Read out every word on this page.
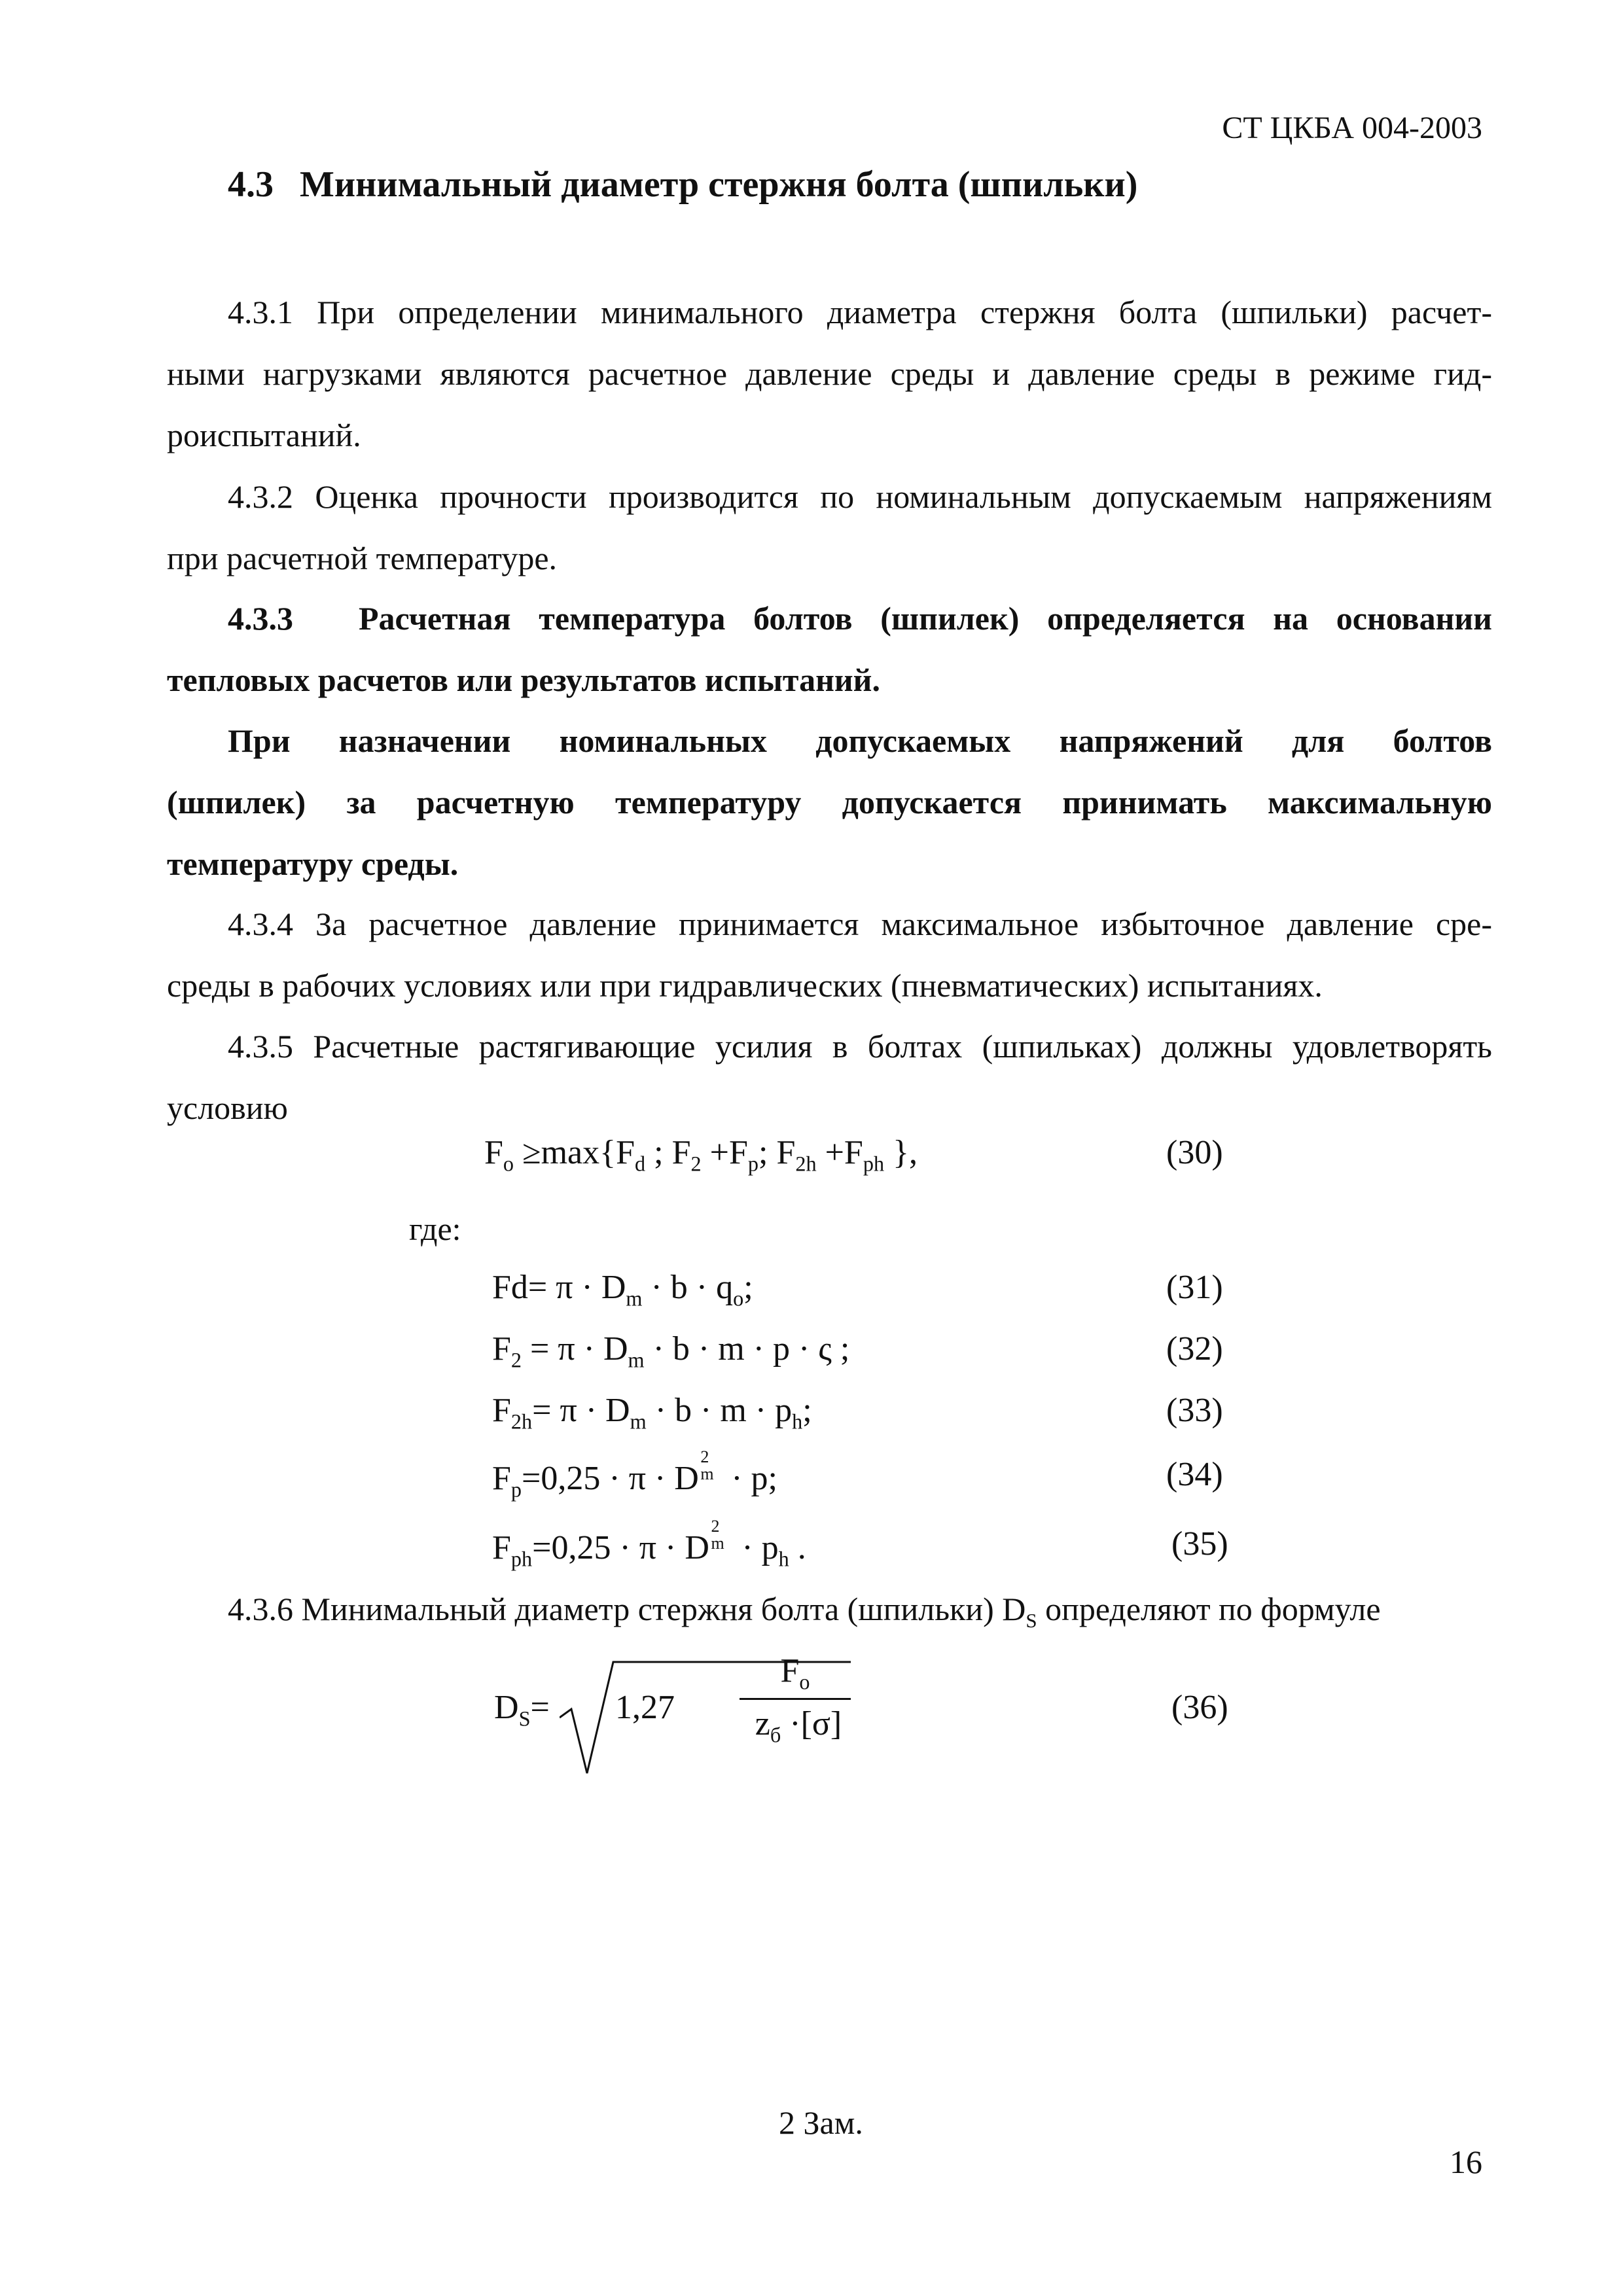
СТ ЦКБА 004-2003
4.3 Минимальный диаметр стержня болта (шпильки)
4.3.1 При определении минимального диаметра стержня болта (шпильки) расчет-
ными нагрузками являются расчетное давление среды и давление среды в режиме гид-
роиспытаний.
4.3.2 Оценка прочности производится по номинальным допускаемым напряжениям
при расчетной температуре.
4.3.3 Расчетная температура болтов (шпилек) определяется на основании
тепловых расчетов или результатов испытаний.
При назначении номинальных допускаемых напряжений для болтов
(шпилек) за расчетную температуру допускается принимать максимальную
температуру среды.
4.3.4 За расчетное давление принимается максимальное избыточное давление сре-
среды в рабочих условиях или при гидравлических (пневматических) испытаниях.
4.3.5 Расчетные растягивающие усилия в болтах (шпильках) должны удовлетворять
условию
$F_o \ge\max\{F_d$ ; $F_2 +F_p$; $F_{2h} +F_{ph}$ },	(30)
где:
$Fd= \pi \cdot D_m \cdot b \cdot q_o$;	(31)
$F_2 = \pi \cdot D_m \cdot b \cdot m \cdot p \cdot \varsigma$ ;	(32)
$F_{2h}= \pi \cdot D_m \cdot b \cdot m \cdot p_h$;	(33)
$F_p=0,25 \cdot \pi \cdot D$
2
m · p;	(34)
$F_{ph}=0,25 \cdot \pi \cdot D$
2
$m \cdot p_h$ .	(35)
4.3.6 Минимальный диаметр стержня болта (шпильки) $D_S$ определяют по формуле
$D_S= 1,27$
$F_o$
$z_б \cdot[\sigma]$	(36)
2 Зам.
16
